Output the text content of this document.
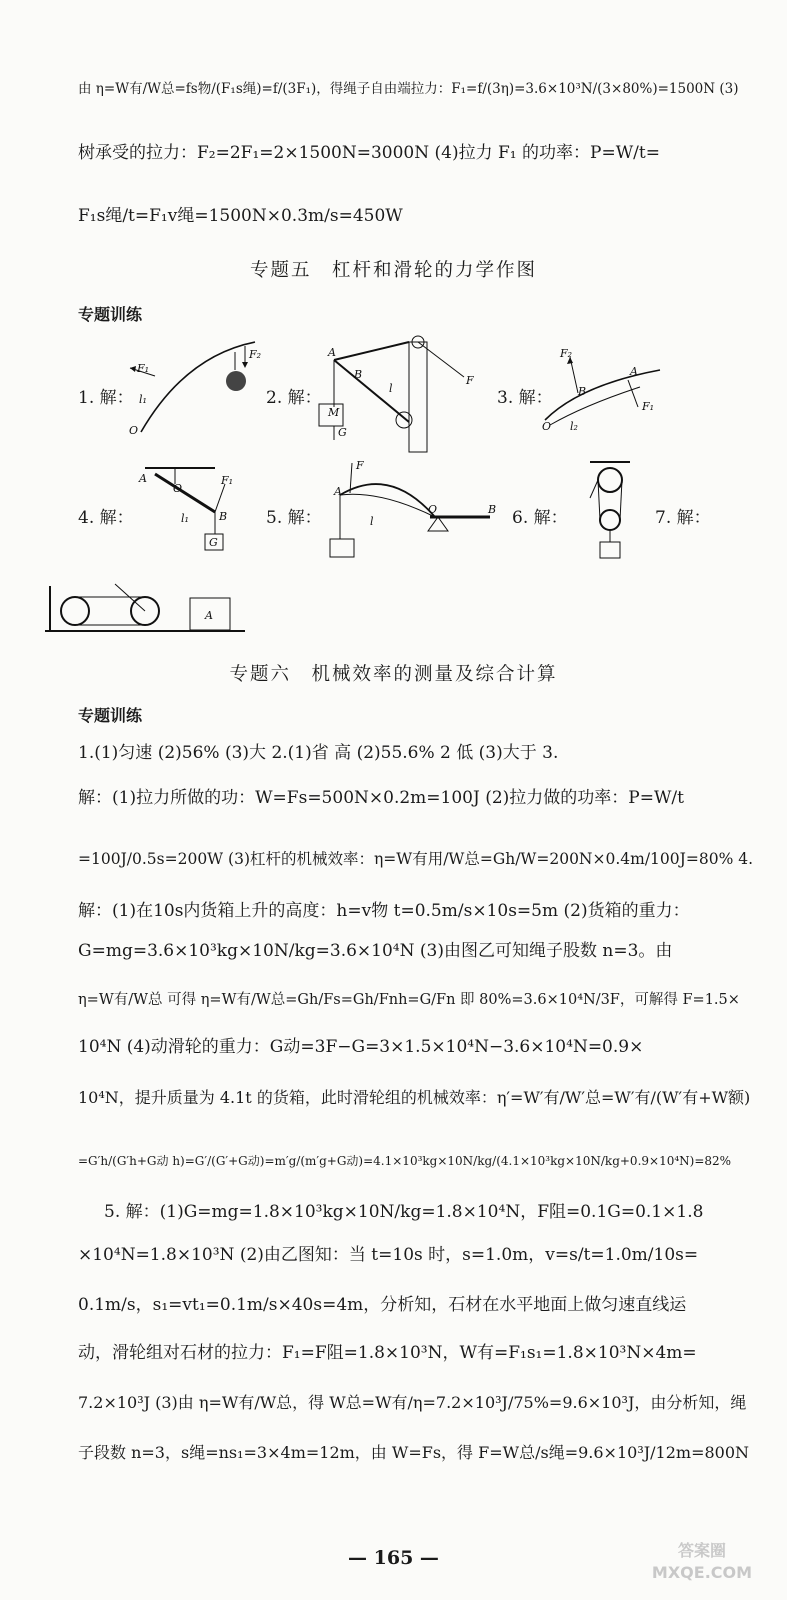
由 η=W有/W总=fs物/(F₁s绳)=f/(3F₁)，得绳子自由端拉力：F₁=f/(3η)=3.6×10³N/(3×80%)=1500N (3)
树承受的拉力：F₂=2F₁=2×1500N=3000N (4)拉力 F₁ 的功率：P=W/t=
F₁s绳/t=F₁v绳=1500N×0.3m/s=450W
专题五　杠杆和滑轮的力学作图
专题训练
1. 解：
F₂
F₁
l₁
O
2. 解：
M
G
A
B
l
F
3. 解：
F₂
F₁
B
A
O l₂
4. 解：
F₁
G
A
O
B
l₁	5. 解：
F
A
O	B
l	6. 解：	7. 解：
A
专题六　机械效率的测量及综合计算
专题训练
1.(1)匀速 (2)56% (3)大 2.(1)省 高 (2)55.6% 2 低 (3)大于 3.
解：(1)拉力所做的功：W=Fs=500N×0.2m=100J (2)拉力做的功率：P=W/t
=100J/0.5s=200W (3)杠杆的机械效率：η=W有用/W总=Gh/W=200N×0.4m/100J=80% 4.
解：(1)在10s内货箱上升的高度：h=v物 t=0.5m/s×10s=5m (2)货箱的重力：
G=mg=3.6×10³kg×10N/kg=3.6×10⁴N (3)由图乙可知绳子股数 n=3。由
η=W有/W总 可得 η=W有/W总=Gh/Fs=Gh/Fnh=G/Fn 即 80%=3.6×10⁴N/3F，可解得 F=1.5×
10⁴N (4)动滑轮的重力：G动=3F−G=3×1.5×10⁴N−3.6×10⁴N=0.9×
10⁴N，提升质量为 4.1t 的货箱，此时滑轮组的机械效率：η′=W′有/W′总=W′有/(W′有+W额)
=G′h/(G′h+G动 h)=G′/(G′+G动)=m′g/(m′g+G动)=4.1×10³kg×10N/kg/(4.1×10³kg×10N/kg+0.9×10⁴N)=82%
5. 解：(1)G=mg=1.8×10³kg×10N/kg=1.8×10⁴N，F阻=0.1G=0.1×1.8
×10⁴N=1.8×10³N (2)由乙图知：当 t=10s 时，s=1.0m，v=s/t=1.0m/10s=
0.1m/s，s₁=vt₁=0.1m/s×40s=4m，分析知，石材在水平地面上做匀速直线运
动，滑轮组对石材的拉力：F₁=F阻=1.8×10³N，W有=F₁s₁=1.8×10³N×4m=
7.2×10³J (3)由 η=W有/W总，得 W总=W有/η=7.2×10³J/75%=9.6×10³J，由分析知，绳
子段数 n=3，s绳=ns₁=3×4m=12m，由 W=Fs，得 F=W总/s绳=9.6×10³J/12m=800N
— 165 —	答案圈 MXQE.COM
